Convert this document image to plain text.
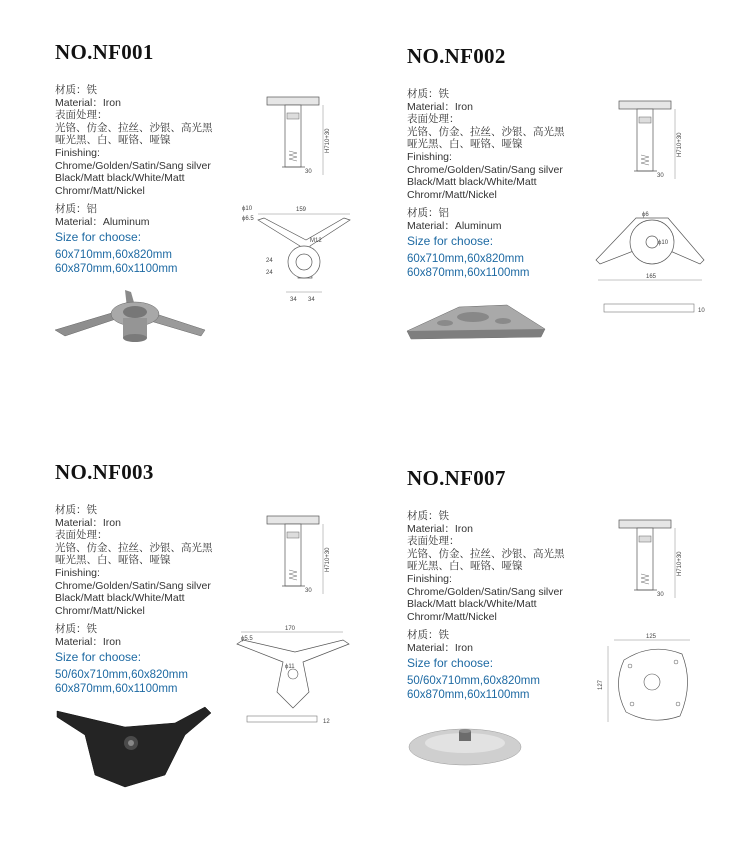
NO.NF001
材质：铁
Material：Iron
表面处理：
光铬、仿金、拉丝、沙银、高光黑
哑光黑、白、哑铬、哑镍
Finishing:
Chrome/Golden/Satin/Sang silver
Black/Matt black/White/Matt
Chromr/Matt/Nickel
材质：铝
Material：Aluminum
Size for choose:
60x710mm,60x820mm
60x870mm,60x1100mm
H710+30
30
159
ϕ10
ϕ6.5
M12
24
24
34 34
NO.NF002
材质：铁
Material：Iron
表面处理：
光铬、仿金、拉丝、沙银、高光黑
哑光黑、白、哑铬、哑镍
Finishing:
Chrome/Golden/Satin/Sang silver
Black/Matt black/White/Matt
Chromr/Matt/Nickel
材质：铝
Material：Aluminum
Size for choose:
60x710mm,60x820mm
60x870mm,60x1100mm
H710+30
30
ϕ6
ϕ10
165
10
NO.NF003
材质：铁
Material：Iron
表面处理：
光铬、仿金、拉丝、沙银、高光黑
哑光黑、白、哑铬、哑镍
Finishing:
Chrome/Golden/Satin/Sang silver
Black/Matt black/White/Matt
Chromr/Matt/Nickel
材质：铁
Material：Iron
Size for choose:
50/60x710mm,60x820mm
60x870mm,60x1100mm
H710+30
30
170
ϕ5.5
ϕ11
12
NO.NF007
材质：铁
Material：Iron
表面处理：
光铬、仿金、拉丝、沙银、高光黑
哑光黑、白、哑铬、哑镍
Finishing:
Chrome/Golden/Satin/Sang silver
Black/Matt black/White/Matt
Chromr/Matt/Nickel
材质：铁
Material：Iron
Size for choose:
50/60x710mm,60x820mm
60x870mm,60x1100mm
H710+30
30
125
127
